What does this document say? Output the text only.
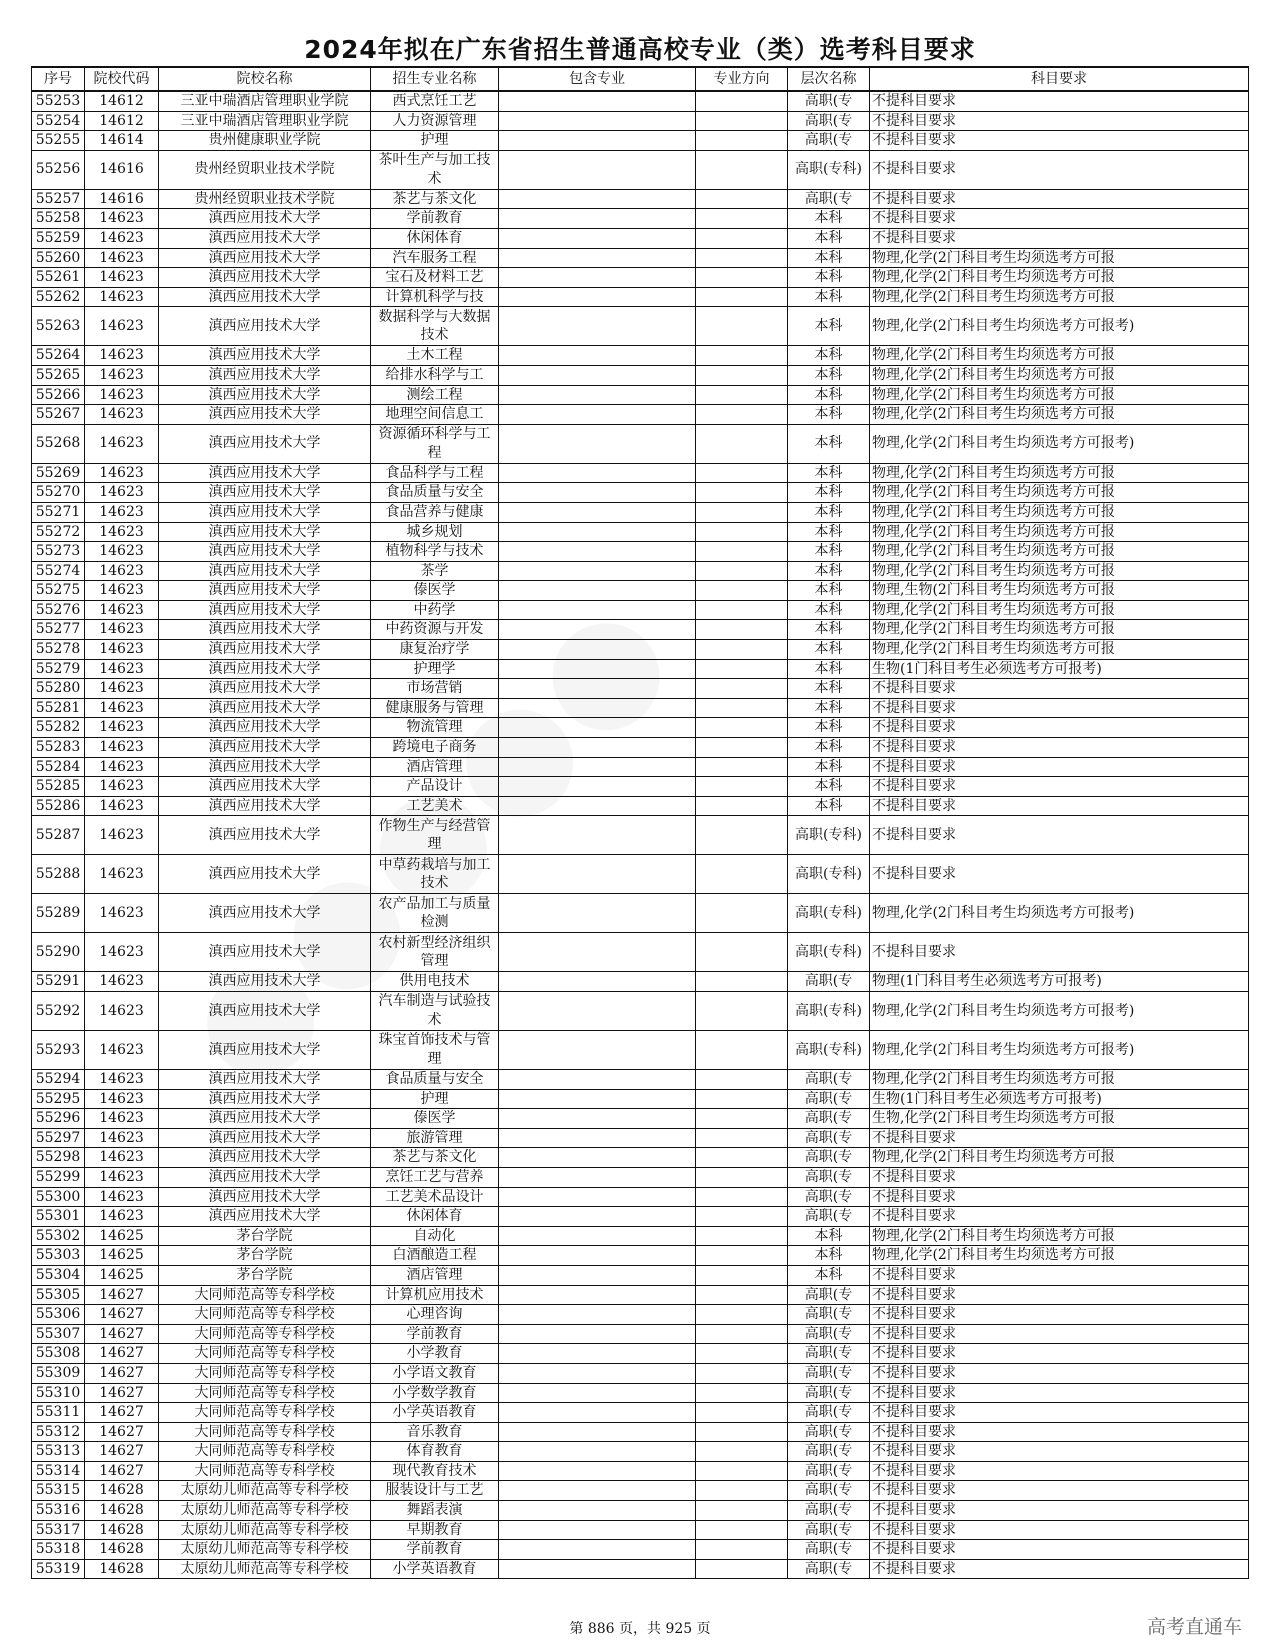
2024年拟在广东省招生普通高校专业（类）选考科目要求
序号	院校代码	院校名称	招生专业名称	包含专业	专业方向	层次名称	科目要求
55253	14612	三亚中瑞酒店管理职业学院	西式烹饪工艺			高职(专	不提科目要求
55254	14612	三亚中瑞酒店管理职业学院	人力资源管理			高职(专	不提科目要求
55255	14614	贵州健康职业学院	护理			高职(专	不提科目要求
55256	14616	贵州经贸职业技术学院	茶叶生产与加工技术			高职(专科)	不提科目要求
55257	14616	贵州经贸职业技术学院	茶艺与茶文化			高职(专	不提科目要求
55258	14623	滇西应用技术大学	学前教育			本科	不提科目要求
55259	14623	滇西应用技术大学	休闲体育			本科	不提科目要求
55260	14623	滇西应用技术大学	汽车服务工程			本科	物理,化学(2门科目考生均须选考方可报
55261	14623	滇西应用技术大学	宝石及材料工艺			本科	物理,化学(2门科目考生均须选考方可报
55262	14623	滇西应用技术大学	计算机科学与技			本科	物理,化学(2门科目考生均须选考方可报
55263	14623	滇西应用技术大学	数据科学与大数据技术			本科	物理,化学(2门科目考生均须选考方可报考)
55264	14623	滇西应用技术大学	土木工程			本科	物理,化学(2门科目考生均须选考方可报
55265	14623	滇西应用技术大学	给排水科学与工			本科	物理,化学(2门科目考生均须选考方可报
55266	14623	滇西应用技术大学	测绘工程			本科	物理,化学(2门科目考生均须选考方可报
55267	14623	滇西应用技术大学	地理空间信息工			本科	物理,化学(2门科目考生均须选考方可报
55268	14623	滇西应用技术大学	资源循环科学与工程			本科	物理,化学(2门科目考生均须选考方可报考)
55269	14623	滇西应用技术大学	食品科学与工程			本科	物理,化学(2门科目考生均须选考方可报
55270	14623	滇西应用技术大学	食品质量与安全			本科	物理,化学(2门科目考生均须选考方可报
55271	14623	滇西应用技术大学	食品营养与健康			本科	物理,化学(2门科目考生均须选考方可报
55272	14623	滇西应用技术大学	城乡规划			本科	物理,化学(2门科目考生均须选考方可报
55273	14623	滇西应用技术大学	植物科学与技术			本科	物理,化学(2门科目考生均须选考方可报
55274	14623	滇西应用技术大学	茶学			本科	物理,化学(2门科目考生均须选考方可报
55275	14623	滇西应用技术大学	傣医学			本科	物理,生物(2门科目考生均须选考方可报
55276	14623	滇西应用技术大学	中药学			本科	物理,化学(2门科目考生均须选考方可报
55277	14623	滇西应用技术大学	中药资源与开发			本科	物理,化学(2门科目考生均须选考方可报
55278	14623	滇西应用技术大学	康复治疗学			本科	物理,化学(2门科目考生均须选考方可报
55279	14623	滇西应用技术大学	护理学			本科	生物(1门科目考生必须选考方可报考)
55280	14623	滇西应用技术大学	市场营销			本科	不提科目要求
55281	14623	滇西应用技术大学	健康服务与管理			本科	不提科目要求
55282	14623	滇西应用技术大学	物流管理			本科	不提科目要求
55283	14623	滇西应用技术大学	跨境电子商务			本科	不提科目要求
55284	14623	滇西应用技术大学	酒店管理			本科	不提科目要求
55285	14623	滇西应用技术大学	产品设计			本科	不提科目要求
55286	14623	滇西应用技术大学	工艺美术			本科	不提科目要求
55287	14623	滇西应用技术大学	作物生产与经营管理			高职(专科)	不提科目要求
55288	14623	滇西应用技术大学	中草药栽培与加工技术			高职(专科)	不提科目要求
55289	14623	滇西应用技术大学	农产品加工与质量检测			高职(专科)	物理,化学(2门科目考生均须选考方可报考)
55290	14623	滇西应用技术大学	农村新型经济组织管理			高职(专科)	不提科目要求
55291	14623	滇西应用技术大学	供用电技术			高职(专	物理(1门科目考生必须选考方可报考)
55292	14623	滇西应用技术大学	汽车制造与试验技术			高职(专科)	物理,化学(2门科目考生均须选考方可报考)
55293	14623	滇西应用技术大学	珠宝首饰技术与管理			高职(专科)	物理,化学(2门科目考生均须选考方可报考)
55294	14623	滇西应用技术大学	食品质量与安全			高职(专	物理,化学(2门科目考生均须选考方可报
55295	14623	滇西应用技术大学	护理			高职(专	生物(1门科目考生必须选考方可报考)
55296	14623	滇西应用技术大学	傣医学			高职(专	生物,化学(2门科目考生均须选考方可报
55297	14623	滇西应用技术大学	旅游管理			高职(专	不提科目要求
55298	14623	滇西应用技术大学	茶艺与茶文化			高职(专	物理,化学(2门科目考生均须选考方可报
55299	14623	滇西应用技术大学	烹饪工艺与营养			高职(专	不提科目要求
55300	14623	滇西应用技术大学	工艺美术品设计			高职(专	不提科目要求
55301	14623	滇西应用技术大学	休闲体育			高职(专	不提科目要求
55302	14625	茅台学院	自动化			本科	物理,化学(2门科目考生均须选考方可报
55303	14625	茅台学院	白酒酿造工程			本科	物理,化学(2门科目考生均须选考方可报
55304	14625	茅台学院	酒店管理			本科	不提科目要求
55305	14627	大同师范高等专科学校	计算机应用技术			高职(专	不提科目要求
55306	14627	大同师范高等专科学校	心理咨询			高职(专	不提科目要求
55307	14627	大同师范高等专科学校	学前教育			高职(专	不提科目要求
55308	14627	大同师范高等专科学校	小学教育			高职(专	不提科目要求
55309	14627	大同师范高等专科学校	小学语文教育			高职(专	不提科目要求
55310	14627	大同师范高等专科学校	小学数学教育			高职(专	不提科目要求
55311	14627	大同师范高等专科学校	小学英语教育			高职(专	不提科目要求
55312	14627	大同师范高等专科学校	音乐教育			高职(专	不提科目要求
55313	14627	大同师范高等专科学校	体育教育			高职(专	不提科目要求
55314	14627	大同师范高等专科学校	现代教育技术			高职(专	不提科目要求
55315	14628	太原幼儿师范高等专科学校	服装设计与工艺			高职(专	不提科目要求
55316	14628	太原幼儿师范高等专科学校	舞蹈表演			高职(专	不提科目要求
55317	14628	太原幼儿师范高等专科学校	早期教育			高职(专	不提科目要求
55318	14628	太原幼儿师范高等专科学校	学前教育			高职(专	不提科目要求
55319	14628	太原幼儿师范高等专科学校	小学英语教育			高职(专	不提科目要求
第 886 页，共 925 页	高考直通车
